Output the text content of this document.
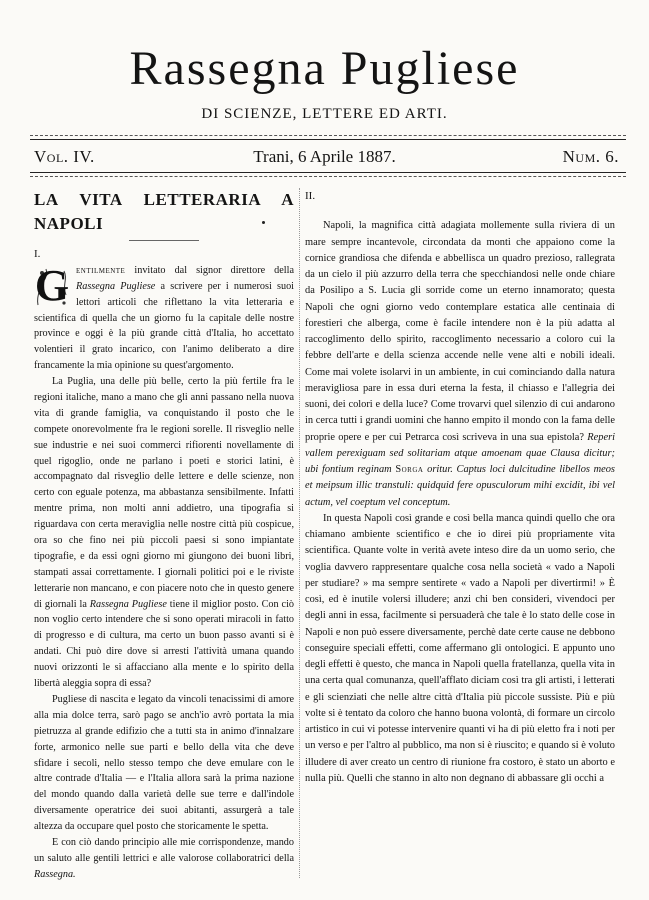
Rassegna Pugliese
DI SCIENZE, LETTERE ED ARTI.
Vol. IV.	Trani, 6 Aprile 1887.	Num. 6.

LA VITA LETTERARIA A NAPOLI

I.

G entilmente invitato dal signor direttore della Rassegna Pugliese a scrivere per i numerosi suoi lettori articoli che riflettano la vita letteraria e scientifica di quella che un giorno fu la capitale delle nostre province e oggi è la più grande città d'Italia, ho accettato volentieri il grato incarico, con l'animo deliberato a dire francamente la mia opinione su quest'argomento.

La Puglia, una delle più belle, certo la più fertile fra le regioni italiche, mano a mano che gli anni passano nella nuova vita di grande famiglia, va conquistando il posto che le compete onorevolmente fra le regioni sorelle. Il risveglio nelle sue industrie e nei suoi commerci rifiorenti novellamente di quel rigoglio, onde ne parlano i poeti e storici latini, è accompagnato dal risveglio delle lettere e delle scienze, non certo con eguale potenza, ma abbastanza sensibilmente. Infatti mentre prima, non molti anni addietro, una tipografia si riguardava con certa meraviglia nelle nostre città più cospicue, ora so che fino nei più piccoli paesi si sono impiantate tipografie, e da essi ogni giorno mi giungono dei buoni libri, stampati assai correttamente. I giornali politici poi e le riviste letterarie non mancano, e con piacere noto che in questo genere di giornali la Rassegna Pugliese tiene il miglior posto. Con ciò non voglio certo intendere che si sono operati miracoli in fatto di progresso e di cultura, ma certo un buon passo avanti si è andati. Chi può dire dove si arresti l'attività umana quando nuovi orizzonti le si affacciano alla mente e lo spirito della libertà aleggia sopra di essa?

Pugliese di nascita e legato da vincoli tenacissimi di amore alla mia dolce terra, sarò pago se anch'io avrò portata la mia pietruzza al grande edifizio che a tutti sta in animo d'innalzare forte, armonico nelle sue parti e bello della vita che deve sfidare i secoli, nello stesso tempo che deve emulare con le altre contrade d'Italia — e l'Italia allora sarà la prima nazione del mondo quando dalla varietà delle sue terre e dall'indole diversamente operatrice dei suoi abitanti, assurgerà a tale altezza da occupare quel posto che storicamente le spetta.

E con ciò dando principio alle mie corrispondenze, mando un saluto alle gentili lettrici e alle valorose collaboratrici della Rassegna.

II.

Napoli, la magnifica città adagiata mollemente sulla riviera di un mare sempre incantevole, circondata da monti che appaiono come la cornice grandiosa che difenda e abbellisca un quadro prezioso, rallegrata da un cielo il più azzurro della terra che specchiandosi nelle onde chiare da Posilipo a S. Lucia gli sorride come un eterno innamorato; questa Napoli che ogni giorno vedo contemplare estatica alle centinaia di forestieri che alberga, come è facile intendere non è la più adatta al raccoglimento dello spirito, raccoglimento necessario a coloro cui la febbre dell'arte e della scienza accende nelle vene alti e nobili ideali. Come mai volete isolarvi in un ambiente, in cui cominciando dalla natura meravigliosa pare in essa duri eterna la festa, il chiasso e l'allegria dei suoni, dei colori e della luce? Come trovarvi quel silenzio di cui andarono in cerca tutti i grandi uomini che hanno empito il mondo con la fama delle proprie opere e per cui Petrarca così scriveva in una sua epistola? Reperi vallem perexiguam sed solitariam atque amoenam quae Clausa dicitur; ubi fontium reginam Sorga oritur. Captus loci dulcitudine libellos meos et meipsum illic transtuli: quidquid fere opusculorum mihi excidit, ibi vel actum, vel coeptum vel conceptum.

In questa Napoli così grande e così bella manca quindi quello che ora chiamano ambiente scientifico e che io direi più propriamente vita scientifica. Quante volte in verità avete inteso dire da un uomo serio, che voglia davvero rappresentare qualche cosa nella società « vado a Napoli per studiare? » ma sempre sentirete « vado a Napoli per divertirmi! » È così, ed è inutile volersi illudere; anzi chi ben consideri, vivendoci per degli anni in essa, facilmente si persuaderà che tale è lo stato delle cose in Napoli e non può essere diversamente, perchè date certe cause ne debbono conseguire speciali effetti, come affermano gli ontologici. E appunto uno degli effetti è questo, che manca in Napoli quella fratellanza, quella vita in una certa qual comunanza, quell'afflato diciam così tra gli artisti, i letterati e gli scienziati che nelle altre città d'Italia più piccole sussiste. Più e più volte si è tentato da coloro che hanno buona volontà, di formare un circolo artistico in cui vi potesse intervenire quanti vi ha di più eletto fra i noti per un verso e per l'altro al pubblico, ma non si è riuscito; e quando si è voluto illudere di aver creato un centro di riunione fra costoro, è stato un aborto e nulla più. Quelli che stanno in alto non degnano di abbassare gli occhi a
